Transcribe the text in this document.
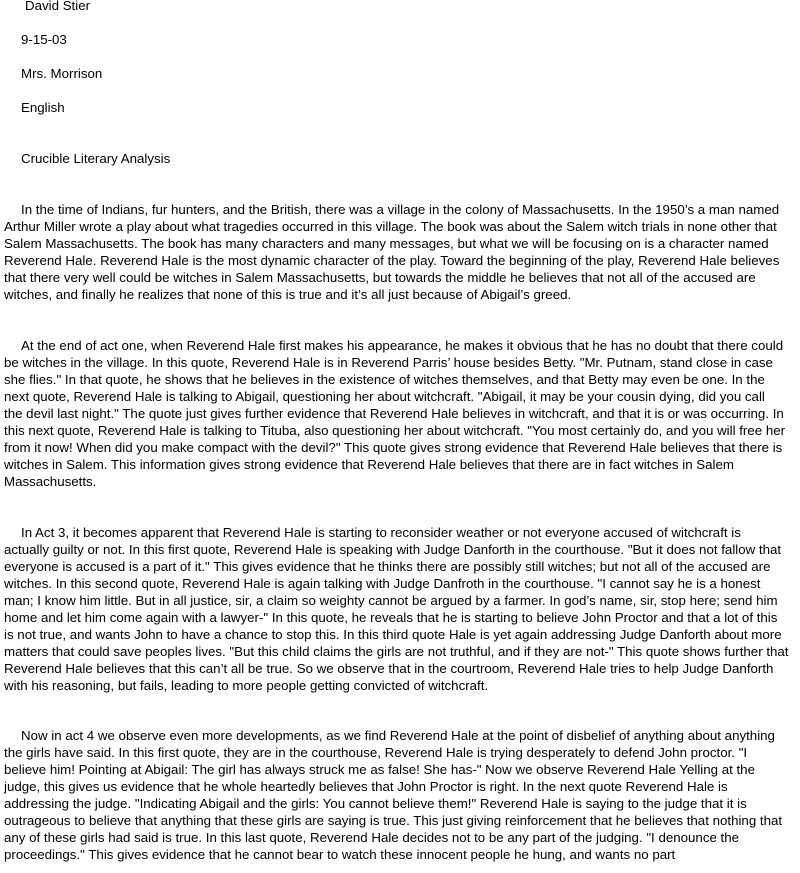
David Stier
9-15-03
Mrs. Morrison
English
Crucible Literary Analysis
In the time of Indians, fur hunters, and the British, there was a village in the colony of Massachusetts. In the 1950’s a man named
Arthur Miller wrote a play about what tragedies occurred in this village. The book was about the Salem witch trials in none other that
Salem Massachusetts. The book has many characters and many messages, but what we will be focusing on is a character named
Reverend Hale. Reverend Hale is the most dynamic character of the play. Toward the beginning of the play, Reverend Hale believes
that there very well could be witches in Salem Massachusetts, but towards the middle he believes that not all of the accused are
witches, and finally he realizes that none of this is true and it’s all just because of Abigail’s greed.
At the end of act one, when Reverend Hale first makes his appearance, he makes it obvious that he has no doubt that there could
be witches in the village. In this quote, Reverend Hale is in Reverend Parris’ house besides Betty. "Mr. Putnam, stand close in case
she flies." In that quote, he shows that he believes in the existence of witches themselves, and that Betty may even be one. In the
next quote, Reverend Hale is talking to Abigail, questioning her about witchcraft. "Abigail, it may be your cousin dying, did you call
the devil last night." The quote just gives further evidence that Reverend Hale believes in witchcraft, and that it is or was occurring. In
this next quote, Reverend Hale is talking to Tituba, also questioning her about witchcraft. "You most certainly do, and you will free her
from it now! When did you make compact with the devil?" This quote gives strong evidence that Reverend Hale believes that there is
witches in Salem. This information gives strong evidence that Reverend Hale believes that there are in fact witches in Salem
Massachusetts.
In Act 3, it becomes apparent that Reverend Hale is starting to reconsider weather or not everyone accused of witchcraft is
actually guilty or not. In this first quote, Reverend Hale is speaking with Judge Danforth in the courthouse. "But it does not fallow that
everyone is accused is a part of it." This gives evidence that he thinks there are possibly still witches; but not all of the accused are
witches. In this second quote, Reverend Hale is again talking with Judge Danfroth in the courthouse. "I cannot say he is a honest
man; I know him little. But in all justice, sir, a claim so weighty cannot be argued by a farmer. In god’s name, sir, stop here; send him
home and let him come again with a lawyer-" In this quote, he reveals that he is starting to believe John Proctor and that a lot of this
is not true, and wants John to have a chance to stop this. In this third quote Hale is yet again addressing Judge Danforth about more
matters that could save peoples lives. "But this child claims the girls are not truthful, and if they are not-" This quote shows further that
Reverend Hale believes that this can’t all be true. So we observe that in the courtroom, Reverend Hale tries to help Judge Danforth
with his reasoning, but fails, leading to more people getting convicted of witchcraft.
Now in act 4 we observe even more developments, as we find Reverend Hale at the point of disbelief of anything about anything
the girls have said. In this first quote, they are in the courthouse, Reverend Hale is trying desperately to defend John proctor. "I
believe him! Pointing at Abigail: The girl has always struck me as false! She has-" Now we observe Reverend Hale Yelling at the
judge, this gives us evidence that he whole heartedly believes that John Proctor is right. In the next quote Reverend Hale is
addressing the judge. "Indicating Abigail and the girls: You cannot believe them!" Reverend Hale is saying to the judge that it is
outrageous to believe that anything that these girls are saying is true. This just giving reinforcement that he believes that nothing that
any of these girls had said is true. In this last quote, Reverend Hale decides not to be any part of the judging. "I denounce the
proceedings." This gives evidence that he cannot bear to watch these innocent people he hung, and wants no part
